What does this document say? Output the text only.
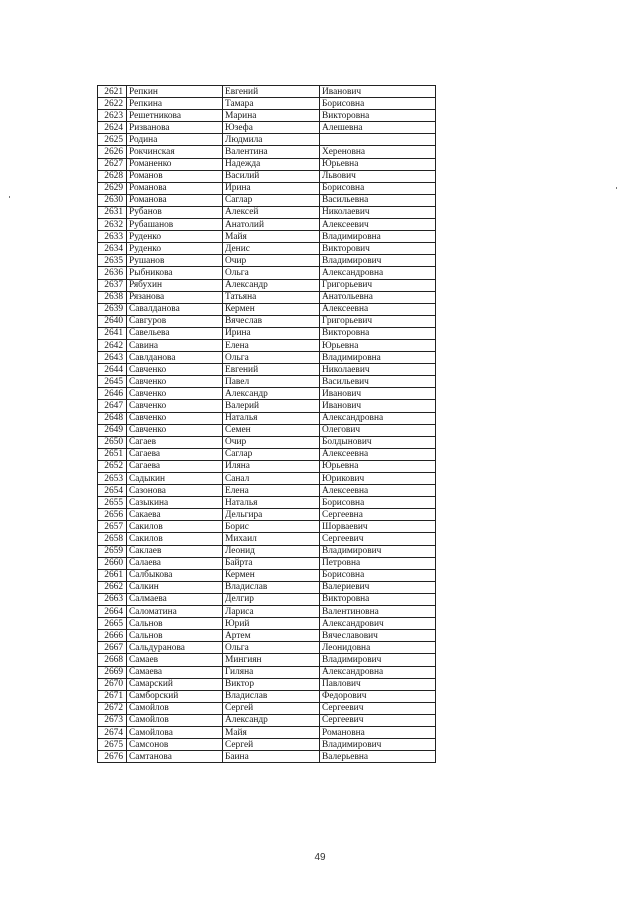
2621	Репкин	Евгений	Иванович
2622	Репкина	Тамара	Борисовна
2623	Решетникова	Марина	Викторовна
2624	Ризванова	Юзефа	Алешевна
2625	Родина	Людмила	
2626	Рокчинская	Валентина	Хереновна
2627	Романенко	Надежда	Юрьевна
2628	Романов	Василий	Львович
2629	Романова	Ирина	Борисовна
2630	Романова	Саглар	Васильевна
2631	Рубанов	Алексей	Николаевич
2632	Рубашанов	Анатолий	Алексеевич
2633	Руденко	Майя	Владимировна
2634	Руденко	Денис	Викторович
2635	Рушанов	Очир	Владимирович
2636	Рыбникова	Ольга	Александровна
2637	Рябухин	Александр	Григорьевич
2638	Рязанова	Татьяна	Анатольевна
2639	Савалданова	Кермен	Алексеевна
2640	Савгуров	Вячеслав	Григорьевич
2641	Савельева	Ирина	Викторовна
2642	Савина	Елена	Юрьевна
2643	Савлданова	Ольга	Владимировна
2644	Савченко	Евгений	Николаевич
2645	Савченко	Павел	Васильевич
2646	Савченко	Александр	Иванович
2647	Савченко	Валерий	Иванович
2648	Савченко	Наталья	Александровна
2649	Савченко	Семен	Олегович
2650	Сагаев	Очир	Болдынович
2651	Сагаева	Саглар	Алексеевна
2652	Сагаева	Иляна	Юрьевна
2653	Садыкин	Санал	Юрикович
2654	Сазонова	Елена	Алексеевна
2655	Сазыкина	Наталья	Борисовна
2656	Сакаева	Дельгира	Сергеевна
2657	Сакилов	Борис	Шорваевич
2658	Сакилов	Михаил	Сергеевич
2659	Саклаев	Леонид	Владимирович
2660	Салаева	Байрта	Петровна
2661	Салбыкова	Кермен	Борисовна
2662	Салкин	Владислав	Валериевич
2663	Салмаева	Делгир	Викторовна
2664	Саломатина	Лариса	Валентиновна
2665	Сальнов	Юрий	Александрович
2666	Сальнов	Артем	Вячеславович
2667	Сальдуранова	Ольга	Леонидовна
2668	Самаев	Мингиян	Владимирович
2669	Самаева	Гиляна	Александровна
2670	Самарский	Виктор	Павлович
2671	Самборский	Владислав	Федорович
2672	Самойлов	Сергей	Сергеевич
2673	Самойлов	Александр	Сергеевич
2674	Самойлова	Майя	Романовна
2675	Самсонов	Сергей	Владимирович
2676	Самтанова	Баина	Валерьевна
49
